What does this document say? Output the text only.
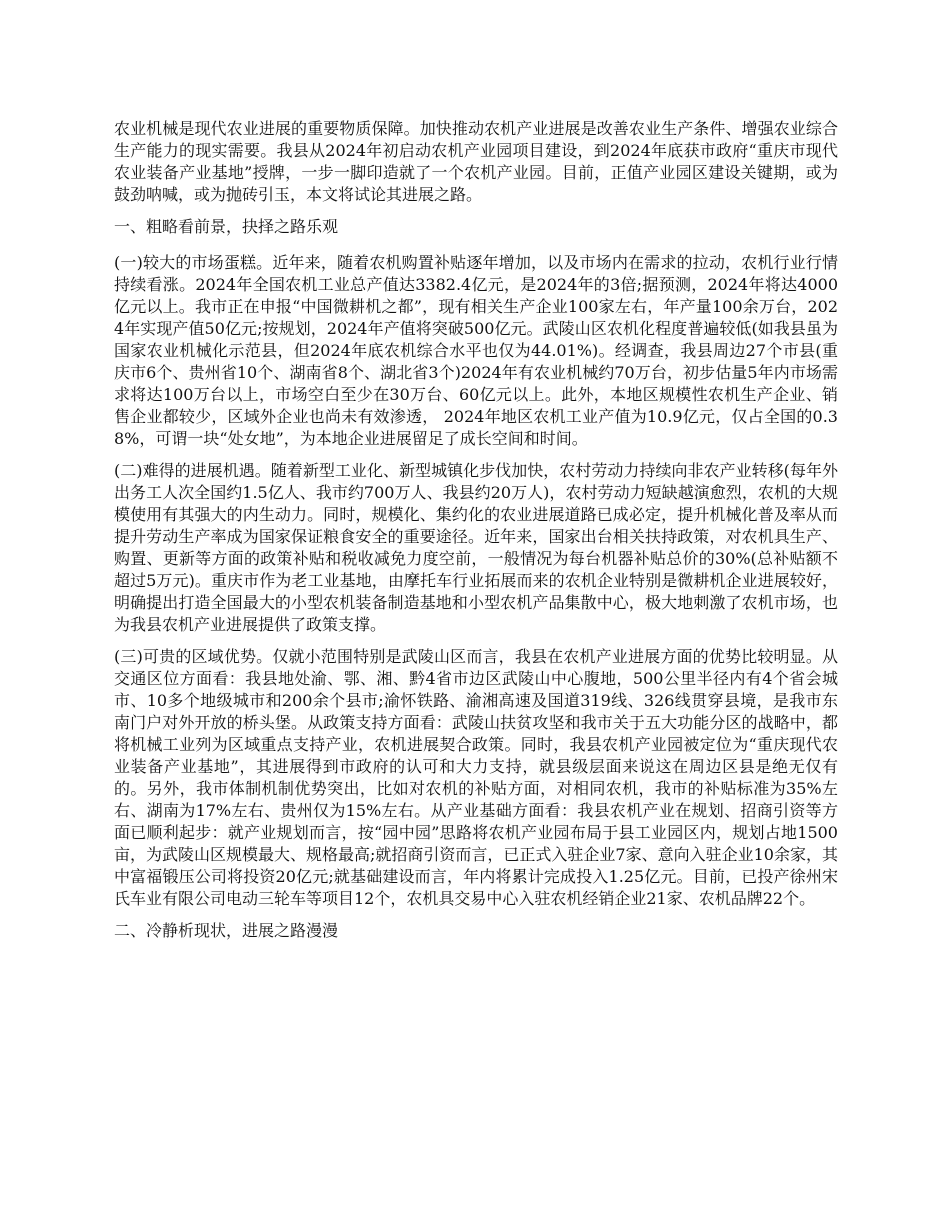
农业机械是现代农业进展的重要物质保障。加快推动农机产业进展是改善农业生产条件、增强农业综合生产能力的现实需要。我县从2024年初启动农机产业园项目建设，到2024年底获市政府“重庆市现代农业装备产业基地”授牌，一步一脚印造就了一个农机产业园。目前，正值产业园区建设关键期，或为鼓劲呐喊，或为抛砖引玉，本文将试论其进展之路。

一、粗略看前景，抉择之路乐观

(一)较大的市场蛋糕。近年来，随着农机购置补贴逐年增加，以及市场内在需求的拉动，农机行业行情持续看涨。2024年全国农机工业总产值达3382.4亿元，是2024年的3倍;据预测，2024年将达4000亿元以上。我市正在申报“中国微耕机之都”，现有相关生产企业100家左右，年产量100余万台，2024年实现产值50亿元;按规划，2024年产值将突破500亿元。武陵山区农机化程度普遍较低(如我县虽为国家农业机械化示范县，但2024年底农机综合水平也仅为44.01%)。经调查，我县周边27个市县(重庆市6个、贵州省10个、湖南省8个、湖北省3个)2024年有农业机械约70万台，初步估量5年内市场需求将达100万台以上，市场空白至少在30万台、60亿元以上。此外，本地区规模性农机生产企业、销售企业都较少，区域外企业也尚未有效渗透， 2024年地区农机工业产值为10.9亿元，仅占全国的0.38%，可谓一块“处女地”，为本地企业进展留足了成长空间和时间。

(二)难得的进展机遇。随着新型工业化、新型城镇化步伐加快，农村劳动力持续向非农产业转移(每年外出务工人次全国约1.5亿人、我市约700万人、我县约20万人)，农村劳动力短缺越演愈烈，农机的大规模使用有其强大的内生动力。同时，规模化、集约化的农业进展道路已成必定，提升机械化普及率从而提升劳动生产率成为国家保证粮食安全的重要途径。近年来，国家出台相关扶持政策，对农机具生产、购置、更新等方面的政策补贴和税收减免力度空前，一般情况为每台机器补贴总价的30%(总补贴额不超过5万元)。重庆市作为老工业基地，由摩托车行业拓展而来的农机企业特别是微耕机企业进展较好，明确提出打造全国最大的小型农机装备制造基地和小型农机产品集散中心，极大地刺激了农机市场，也为我县农机产业进展提供了政策支撑。

(三)可贵的区域优势。仅就小范围特别是武陵山区而言，我县在农机产业进展方面的优势比较明显。从交通区位方面看：我县地处渝、鄂、湘、黔4省市边区武陵山中心腹地，500公里半径内有4个省会城市、10多个地级城市和200余个县市;渝怀铁路、渝湘高速及国道319线、326线贯穿县境，是我市东南门户对外开放的桥头堡。从政策支持方面看：武陵山扶贫攻坚和我市关于五大功能分区的战略中，都将机械工业列为区域重点支持产业，农机进展契合政策。同时，我县农机产业园被定位为“重庆现代农业装备产业基地”，其进展得到市政府的认可和大力支持，就县级层面来说这在周边区县是绝无仅有的。另外，我市体制机制优势突出，比如对农机的补贴方面，对相同农机，我市的补贴标准为35%左右、湖南为17%左右、贵州仅为15%左右。从产业基础方面看：我县农机产业在规划、招商引资等方面已顺利起步：就产业规划而言，按“园中园”思路将农机产业园布局于县工业园区内，规划占地1500亩，为武陵山区规模最大、规格最高;就招商引资而言，已正式入驻企业7家、意向入驻企业10余家，其中富福锻压公司将投资20亿元;就基础建设而言，年内将累计完成投入1.25亿元。目前，已投产徐州宋氏车业有限公司电动三轮车等项目12个，农机具交易中心入驻农机经销企业21家、农机品牌22个。

二、冷静析现状，进展之路漫漫
